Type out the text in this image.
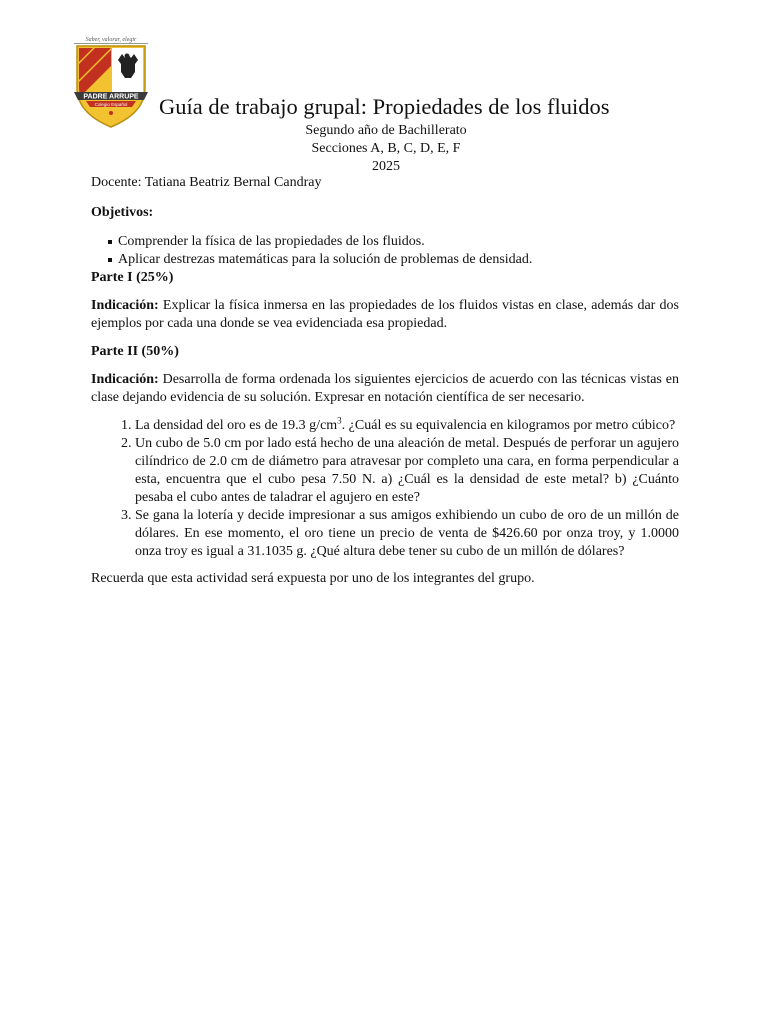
Saber, valorar, elegir
PADRE ARRUPE
Colegio Español Guía de trabajo grupal: Propiedades de los fluidos
Segundo año de Bachillerato
Secciones A, B, C, D, E, F
2025

Docente: Tatiana Beatriz Bernal Candray

Objetivos:

Comprender la física de las propiedades de los fluidos.
Aplicar destrezas matemáticas para la solución de problemas de densidad.

Parte I (25%)

Indicación: Explicar la física inmersa en las propiedades de los fluidos vistas en clase, además dar dos ejemplos por cada una donde se vea evidenciada esa propiedad.

Parte II (50%)

Indicación: Desarrolla de forma ordenada los siguientes ejercicios de acuerdo con las técnicas vistas en clase dejando evidencia de su solución. Expresar en notación científica de ser necesario.

1. La densidad del oro es de 19.3 $g/cm^3$. ¿Cuál es su equivalencia en kilogramos por metro cúbico?
2. Un cubo de 5.0 cm por lado está hecho de una aleación de metal. Después de perforar un agujero cilíndrico de 2.0 cm de diámetro para atravesar por completo una cara, en forma perpendicular a esta, encuentra que el cubo pesa 7.50 N. a) ¿Cuál es la densidad de este metal? b) ¿Cuánto pesaba el cubo antes de taladrar el agujero en este?
3. Se gana la lotería y decide impresionar a sus amigos exhibiendo un cubo de oro de un millón de dólares. En ese momento, el oro tiene un precio de venta de $426.60 por onza troy, y 1.0000 onza troy es igual a 31.1035 g. ¿Qué altura debe tener su cubo de un millón de dólares?

Recuerda que esta actividad será expuesta por uno de los integrantes del grupo.
